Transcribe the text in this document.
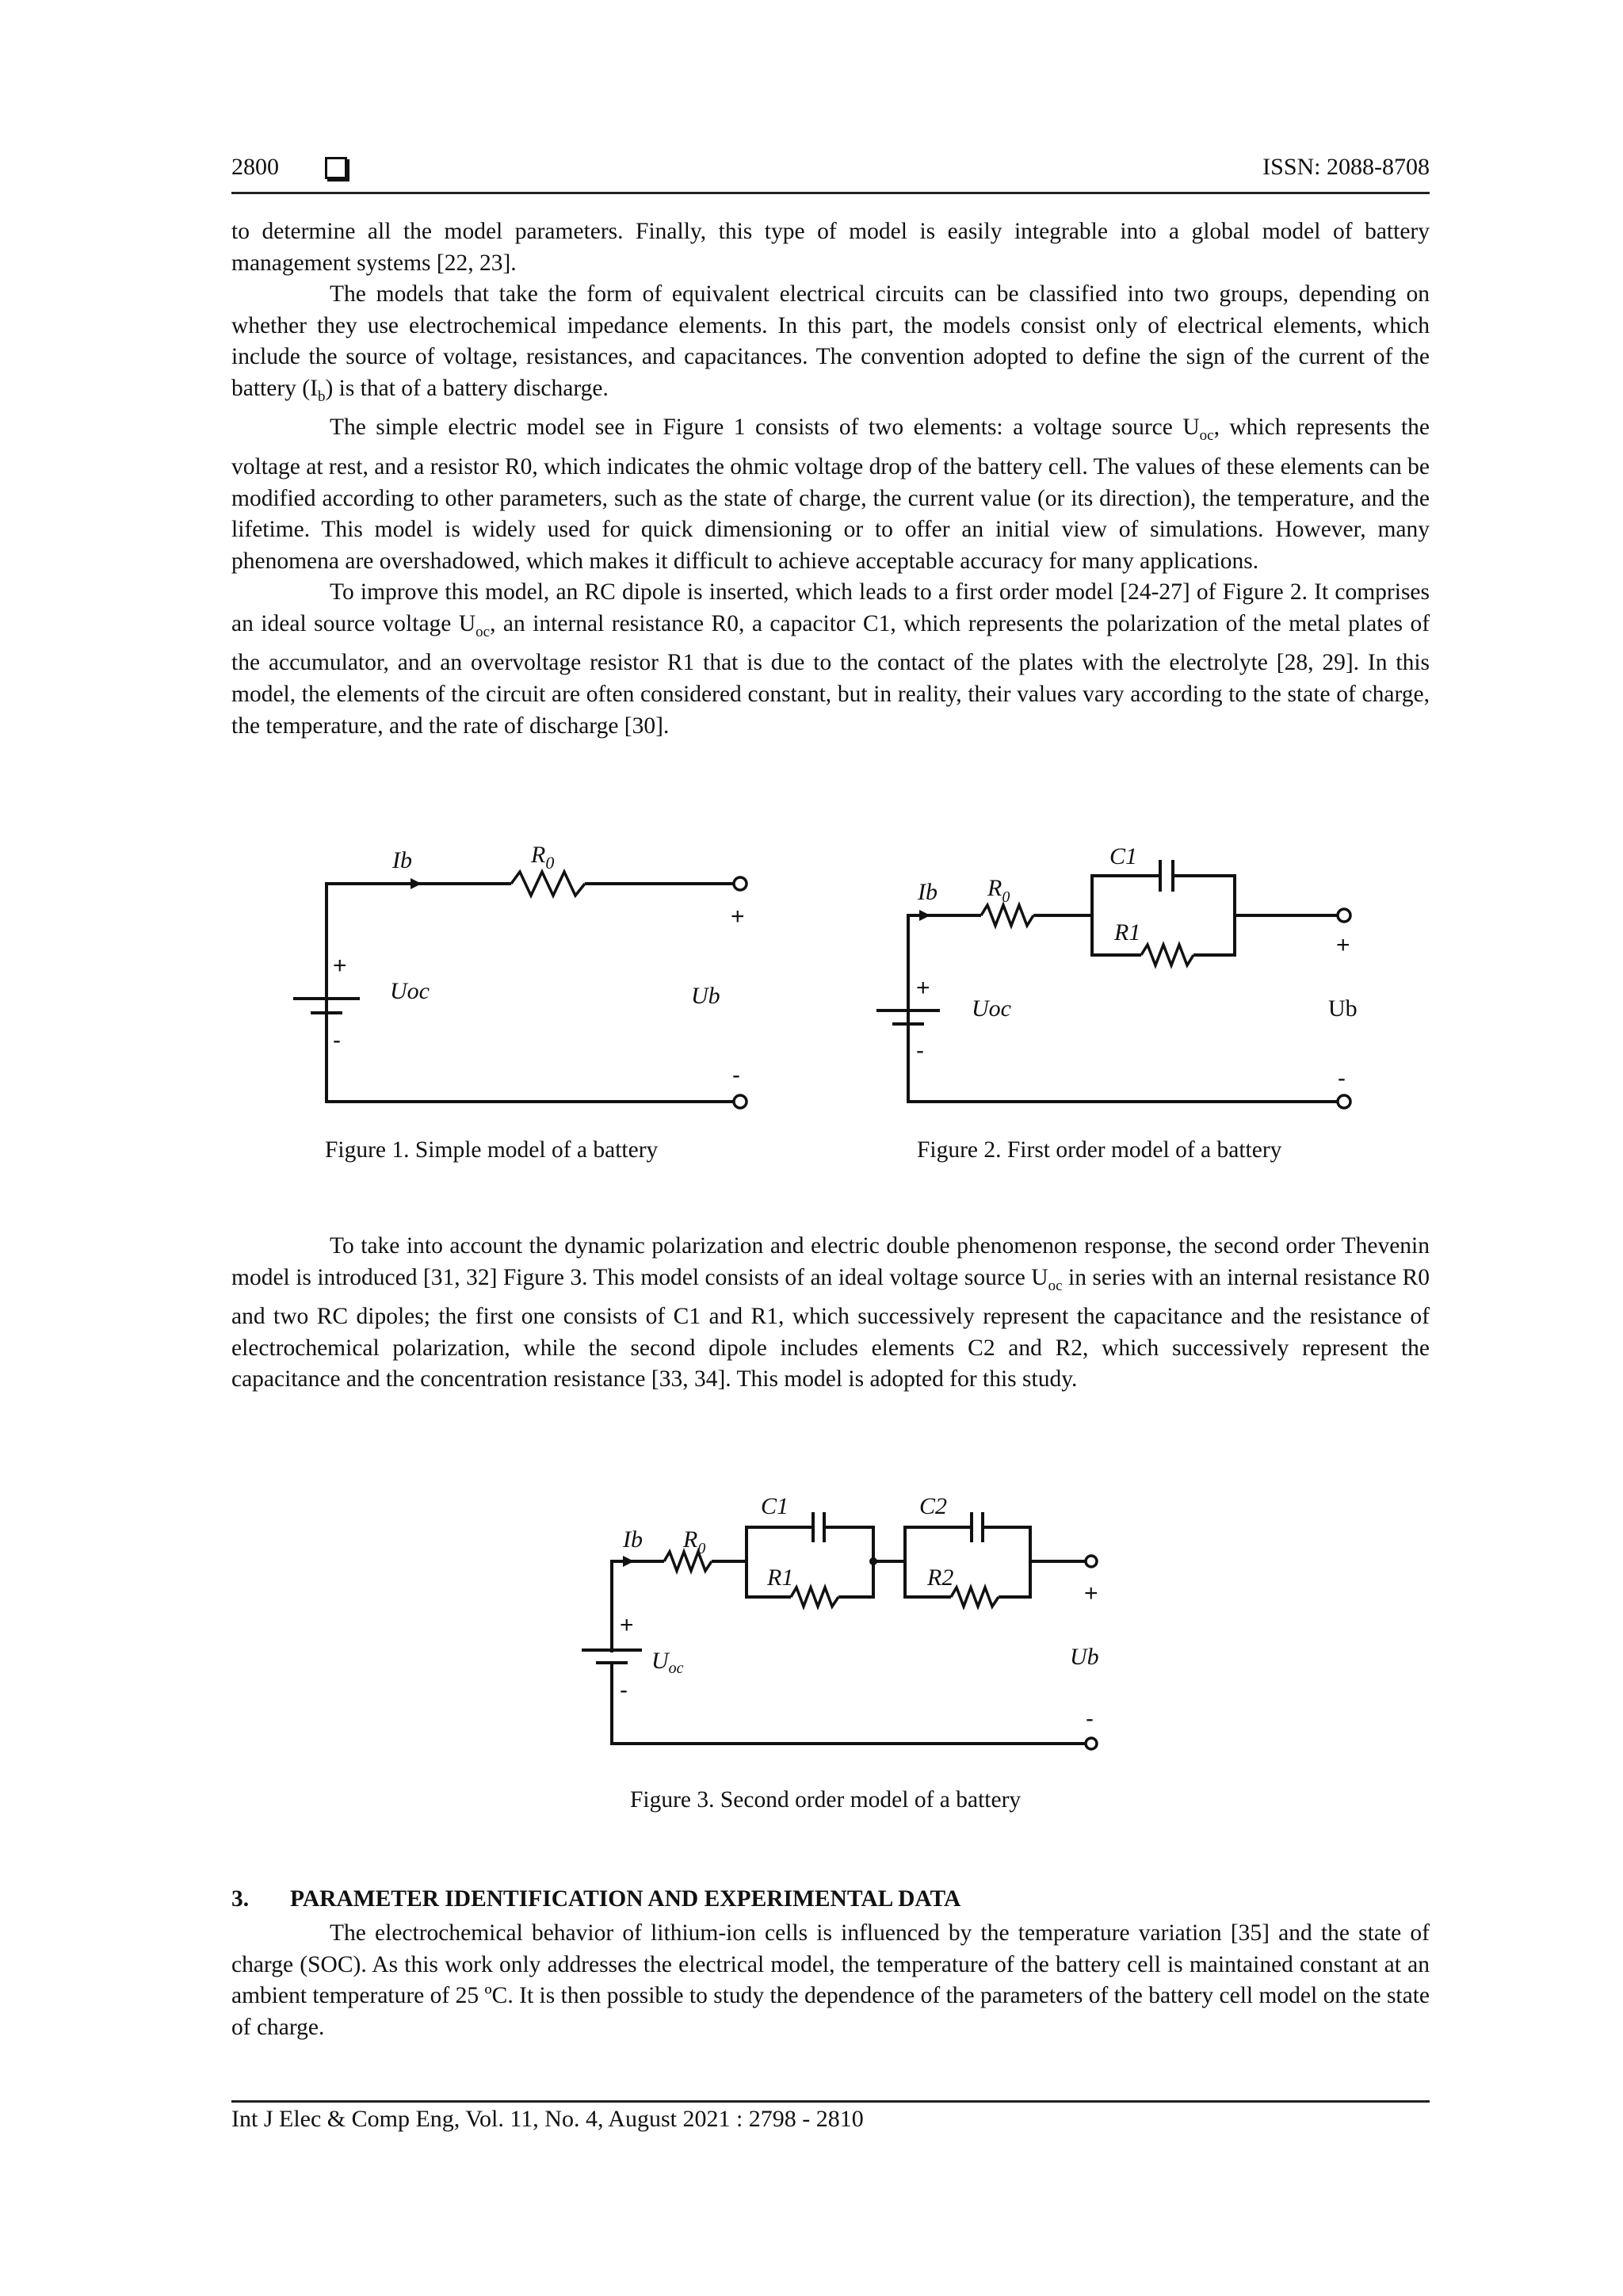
2800	ISSN: 2088-8708

to determine all the model parameters. Finally, this type of model is easily integrable into a global model of battery management systems [22, 23].

The models that take the form of equivalent electrical circuits can be classified into two groups, depending on whether they use electrochemical impedance elements. In this part, the models consist only of electrical elements, which include the source of voltage, resistances, and capacitances. The convention adopted to define the sign of the current of the battery $(I_b)$ is that of a battery discharge.

The simple electric model see in Figure 1 consists of two elements: a voltage source $U_{oc}$, which represents the voltage at rest, and a resistor R0, which indicates the ohmic voltage drop of the battery cell. The values of these elements can be modified according to other parameters, such as the state of charge, the current value (or its direction), the temperature, and the lifetime. This model is widely used for quick dimensioning or to offer an initial view of simulations. However, many phenomena are overshadowed, which makes it difficult to achieve acceptable accuracy for many applications.

To improve this model, an RC dipole is inserted, which leads to a first order model [24-27] of Figure 2. It comprises an ideal source voltage $U_{oc}$, an internal resistance R0, a capacitor C1, which represents the polarization of the metal plates of the accumulator, and an overvoltage resistor R1 that is due to the contact of the plates with the electrolyte [28, 29]. In this model, the elements of the circuit are often considered constant, but in reality, their values vary according to the state of charge, the temperature, and the rate of discharge [30].

Ib	$R_0$
+
-
Uoc	Ub
+
-
Figure 1. Simple model of a battery
Ib $R_0$
C1
R1
+
-
Uoc	Ub
+
-
Figure 2. First order model of a battery

To take into account the dynamic polarization and electric double phenomenon response, the second order Thevenin model is introduced [31, 32] Figure 3. This model consists of an ideal voltage source $U_{oc}$ in series with an internal resistance R0 and two RC dipoles; the first one consists of C1 and R1, which successively represent the capacitance and the resistance of electrochemical polarization, while the second dipole includes elements C2 and R2, which successively represent the capacitance and the concentration resistance [33, 34]. This model is adopted for this study.

Ib $R_0$
C1
R1
C2
R2
+
-
$U_{oc}$	Ub
+
-
Figure 3. Second order model of a battery
3. PARAMETER IDENTIFICATION AND EXPERIMENTAL DATA

The electrochemical behavior of lithium-ion cells is influenced by the temperature variation [35] and the state of charge (SOC). As this work only addresses the electrical model, the temperature of the battery cell is maintained constant at an ambient temperature of 25 ºC. It is then possible to study the dependence of the parameters of the battery cell model on the state of charge.

Int J Elec & Comp Eng, Vol. 11, No. 4, August 2021 : 2798 - 2810
